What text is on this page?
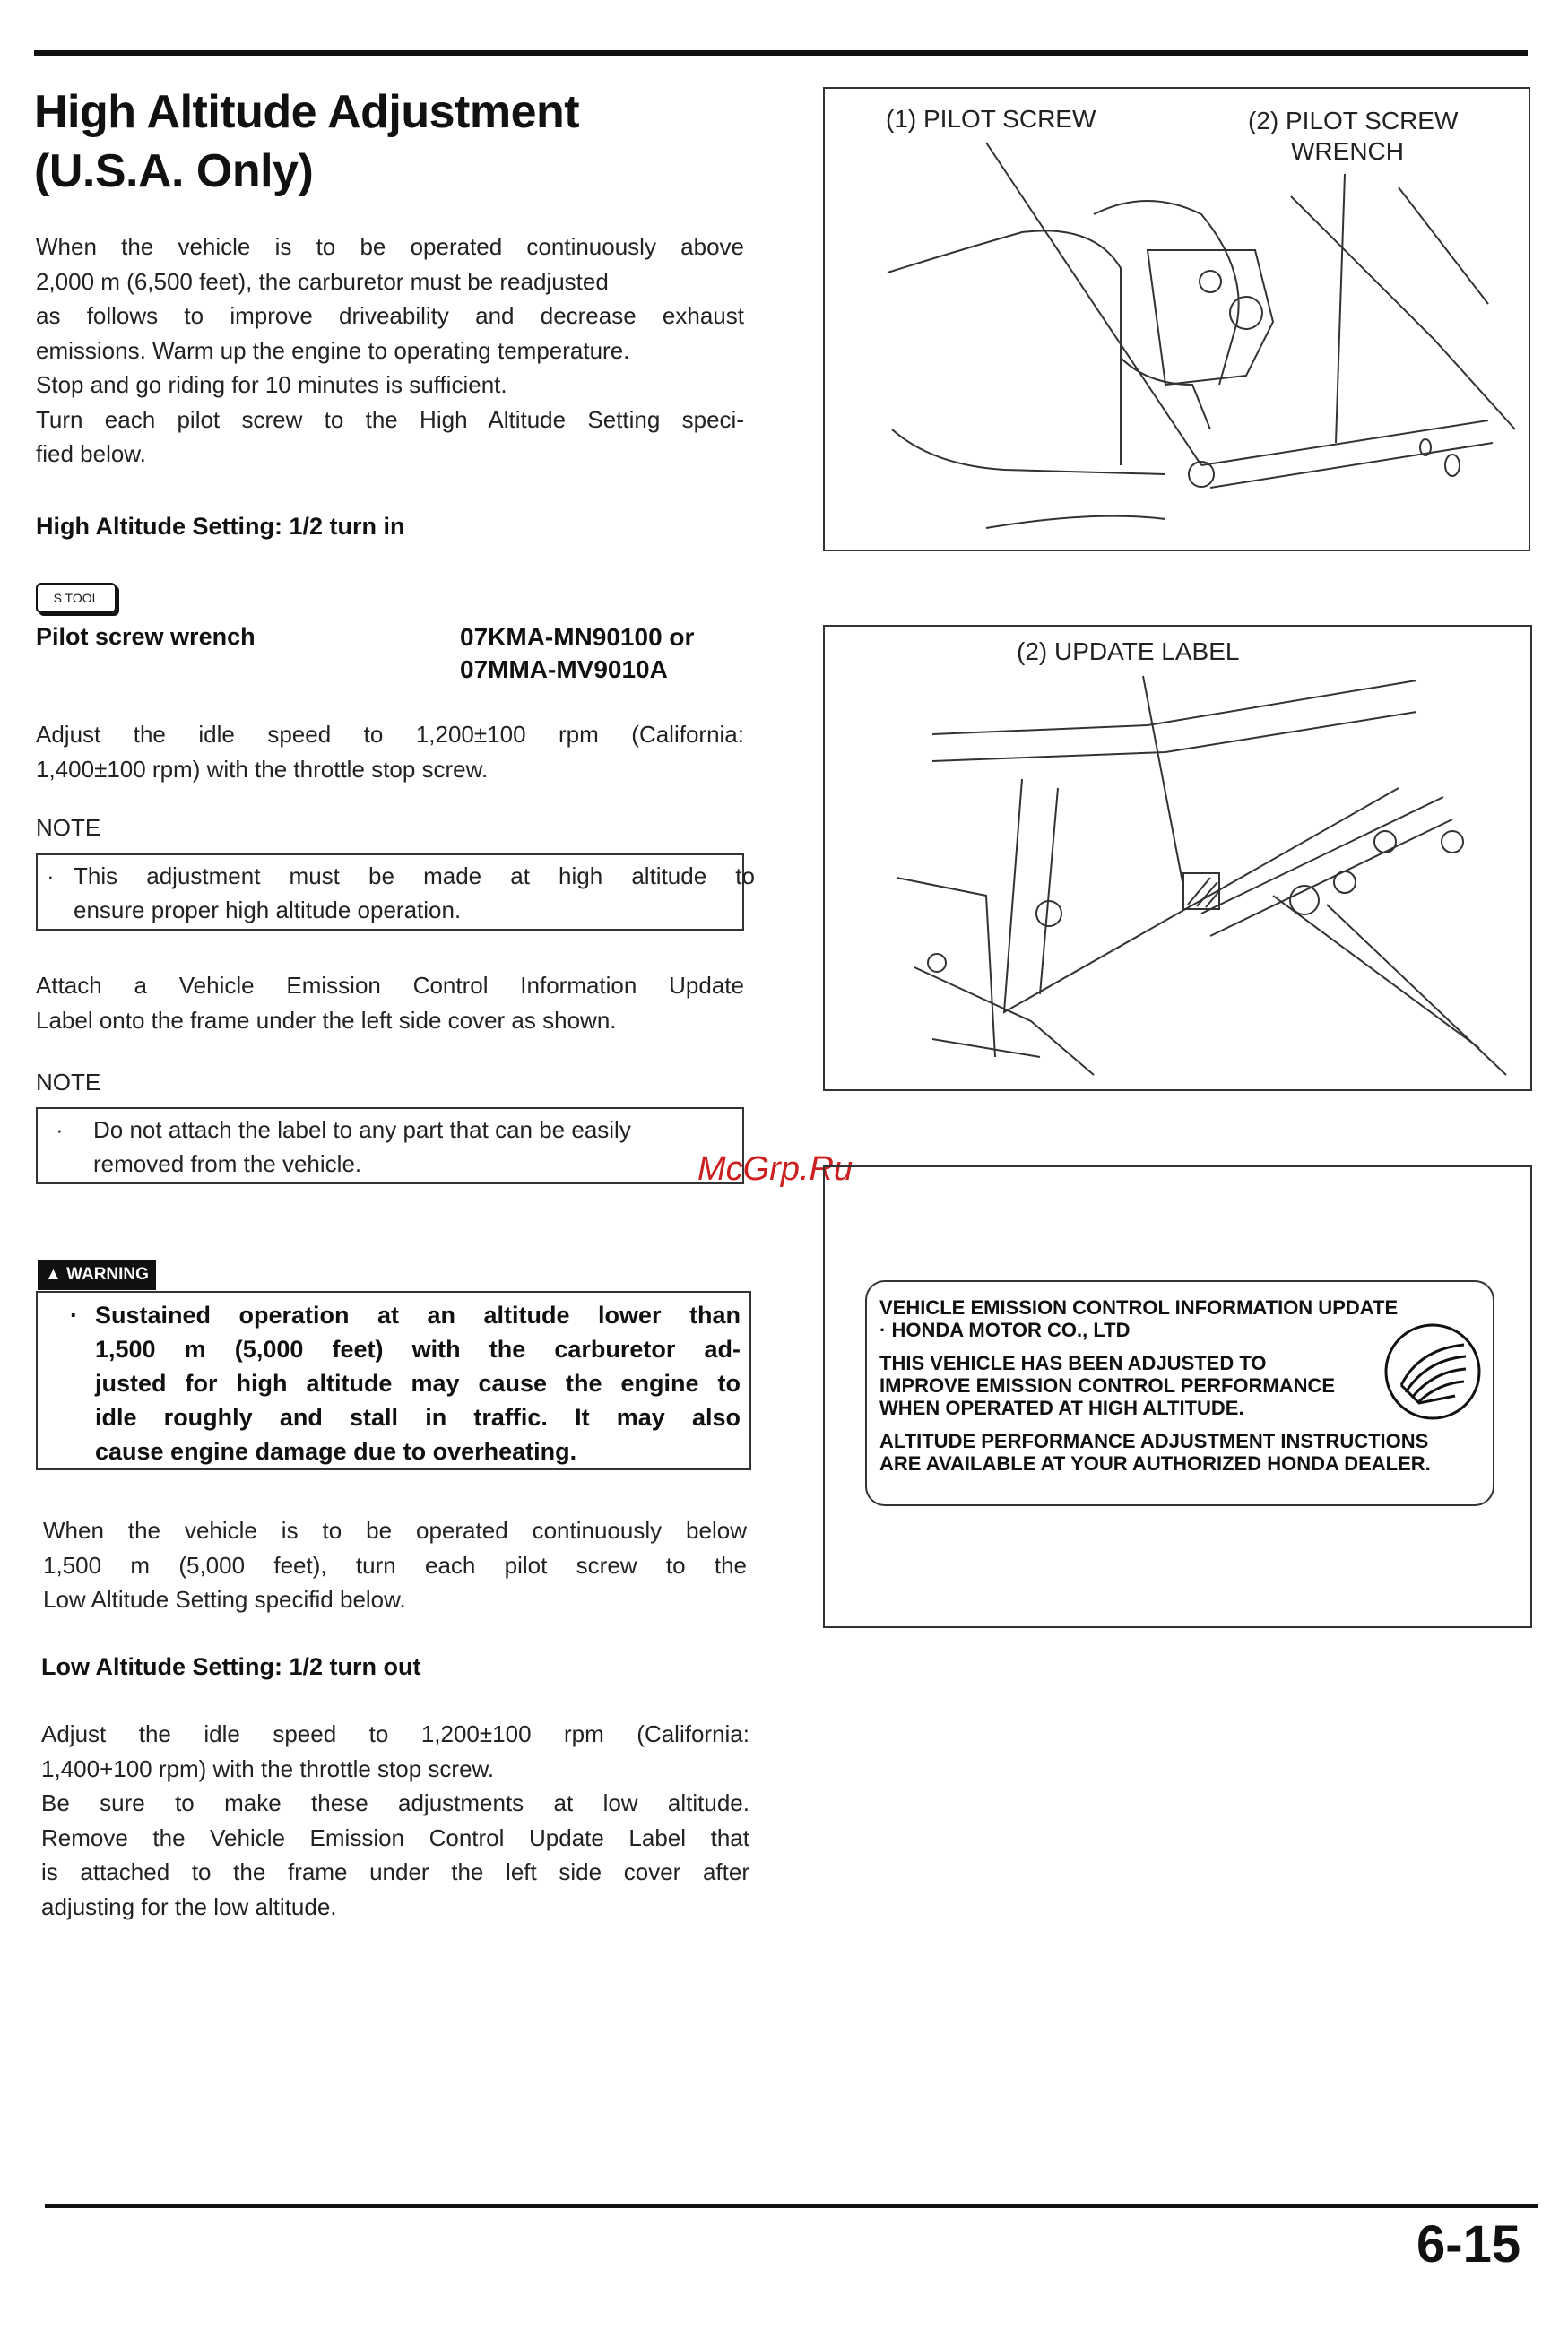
High Altitude Adjustment
(U.S.A. Only)
When the vehicle is to be operated continuously above
2,000 m (6,500 feet), the carburetor must be readjusted
as follows to improve driveability and decrease exhaust
emissions. Warm up the engine to operating temperature.
Stop and go riding for 10 minutes is sufficient.
Turn each pilot screw to the High Altitude Setting speci-
fied below.
High Altitude Setting: 1/2 turn in
S TOOL
Pilot screw wrench	07KMA-MN90100 or
07MMA-MV9010A
Adjust the idle speed to 1,200±100 rpm (California:
1,400±100 rpm) with the throttle stop screw.
NOTE
· This adjustment must be made at high altitude to
ensure proper high altitude operation.
Attach a Vehicle Emission Control Information Update
Label onto the frame under the left side cover as shown.
NOTE
· Do not attach the label to any part that can be easily
removed from the vehicle.
▲ WARNING
· Sustained operation at an altitude lower than
1,500 m (5,000 feet) with the carburetor ad-
justed for high altitude may cause the engine to
idle roughly and stall in traffic. It may also
cause engine damage due to overheating.
When the vehicle is to be operated continuously below
1,500 m (5,000 feet), turn each pilot screw to the
Low Altitude Setting specifid below.
Low Altitude Setting: 1/2 turn out
Adjust the idle speed to 1,200±100 rpm (California:
1,400+100 rpm) with the throttle stop screw.
Be sure to make these adjustments at low altitude.
Remove the Vehicle Emission Control Update Label that
is attached to the frame under the left side cover after
adjusting for the low altitude.
(1) PILOT SCREW	(2) PILOT SCREW
WRENCH
(2) UPDATE LABEL
McGrp.Ru
VEHICLE EMISSION CONTROL INFORMATION UPDATE
· HONDA MOTOR CO., LTD
THIS VEHICLE HAS BEEN ADJUSTED TO
IMPROVE EMISSION CONTROL PERFORMANCE
WHEN OPERATED AT HIGH ALTITUDE.
ALTITUDE PERFORMANCE ADJUSTMENT INSTRUCTIONS
ARE AVAILABLE AT YOUR AUTHORIZED HONDA DEALER.
6-15
